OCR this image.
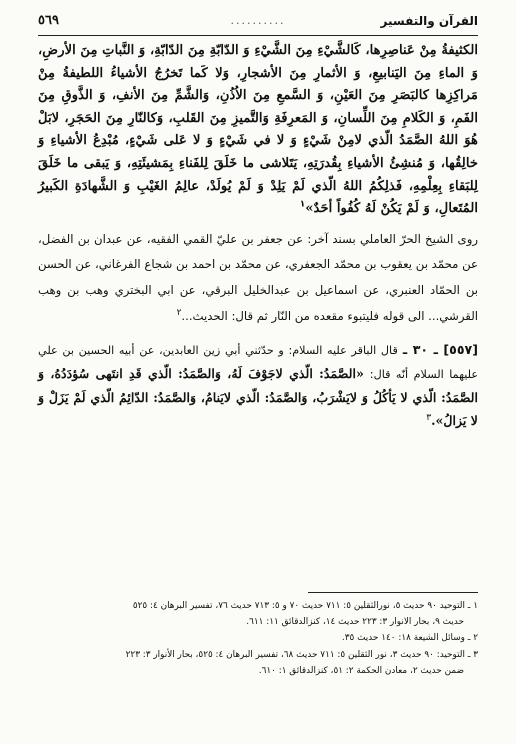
القرآن والتفسير
..........
٥٦٩

الكثيفةُ مِنْ عَناصِرِها، كَالشَّيْءِ مِنَ الشَّيْءِ وَ الدّابّةِ مِنَ الدّابّةِ، وَ النَّباتِ مِنَ الأرضِ، وَ الماءِ مِنَ اليَنابيعِ، وَ الأثمارِ مِنَ الأشجارِ، وَلا كَما تَخرُجُ الأشياءُ اللطيفةُ مِنْ مَراكِزِها كالبَصَرِ مِنَ العَيْنِ، وَ السَّمعِ مِنَ الاُذُنِ، وَالشَّمِّ مِنَ الأنفِ، وَ الذَّوقِ مِنَ الفَمِ، وَ الكَلامِ مِنَ اللِّسانِ، وَ المَعرِفَةِ وَالتَّميزِ مِنَ القَلبِ، وَكالنّارِ مِنَ الحَجَرِ، لابَلْ هُوَ اللهُ الصَّمَدُ الّذي لامِنْ شَيْءٍ وَ لا في شَيْءٍ وَ لا عَلى شَيْءٍ، مُبْدِعُ الأشياءِ وَ خالِقُها، وَ مُنشِئُ الأشياءِ بِقُدرَتِهِ، يَتَلاشى ما خَلَقَ لِلفَناءِ بِمَشيئَتِهِ، وَ يَبقى ما خَلَقَ لِلبَقاءِ بِعِلْمِهِ، فَذلِكُمُ اللهُ الّذي لَمْ يَلِدْ وَ لَمْ يُولَدْ، عالِمُ الغَيْبِ وَ الشَّهادَةِ الكَبيرُ المُتَعالِ، وَ لَمْ يَكُنْ لَهُ كُفُواً أحَدٌ»$^١$

روى الشيخ الحرّ العاملي بسند آخر: عن جعفر بن عليّ القمي الفقيه، عن عبدان بن الفضل، عن محمّد بن يعقوب بن محمّد الجعفري، عن محمّد بن احمد بن شجاع الفرغاني، عن الحسن بن الحمّاد العنبري، عن اسماعيل بن عبدالخليل البرقي، عن ابي البختري وهب بن وهب القرشي... الى قوله فليتبوء مقعده من النّار ثم قال: الحديث...$^٢$

[٥٥٧] ـ ٣٠ ـ قال الباقر عليه السلام: و حدّثني أبي زين العابدين، عن أبيه الحسين بن علي عليهما السلام أنّه قال: «الصَّمَدُ: الّذي لاجَوْفَ لَهُ، وَالصَّمَدُ: الّذي قَدِ انتَهى سُؤدَدُهُ، وَ الصَّمَدُ: الّذي لا يَأكُلُ وَ لايَشْرَبُ، وَالصَّمَدُ: الّذي لايَنامُ، وَالصَّمَدُ: الدّائِمُ الّذي لَمْ يَزَلْ وَ لا يَزالُ».$^٣$

١ ـ التوحيد ٩٠ حديث ٥، نورالثقلين ٥: ٧١١ حديث ٧٠ و ٥: ٧١٣ حديث ٧٦، تفسير البرهان ٤: ٥٢٥

حديث ٩، بحار الانوار ٣: ٢٢٣ حديث ١٤، كنزالدقائق ١١: ٦١١.

٢ ـ وسائل الشيعة ١٨: ١٤٠ حديث ٣٥.

٣ ـ التوحيد: ٩٠ حديث ٣، نور الثقلين ٥: ٧١١ حديث ٦٨، تفسير البرهان ٤: ٥٢٥، بحار الأنوار ٣: ٢٢٣

ضمن حديث ٢، معادن الحكمة ٢: ٥١، كنزالدقائق ١: ٦١٠.
